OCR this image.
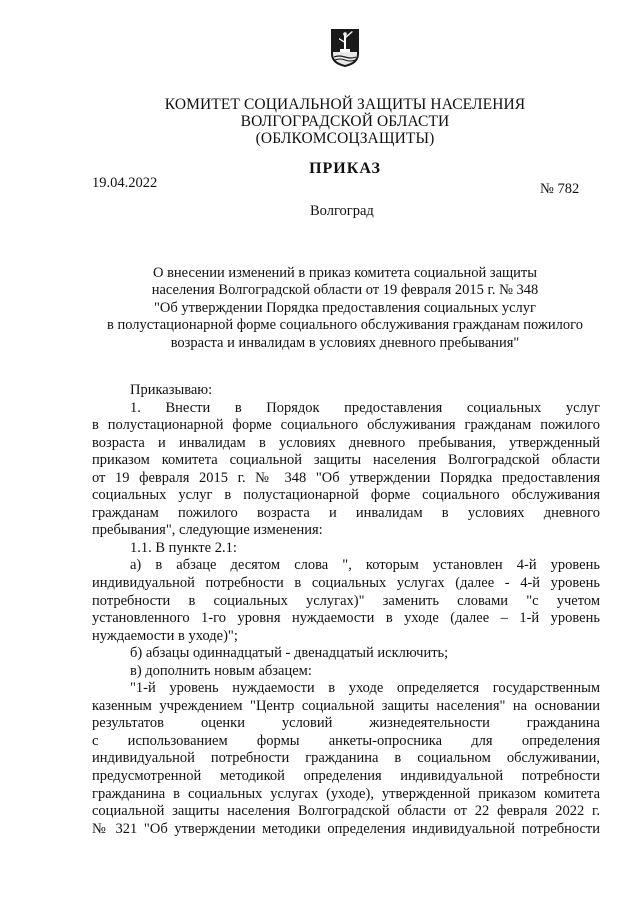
КОМИТЕТ СОЦИАЛЬНОЙ ЗАЩИТЫ НАСЕЛЕНИЯ
ВОЛГОГРАДСКОЙ ОБЛАСТИ
(ОБЛКОМСОЦЗАЩИТЫ)
ПРИКАЗ
19.04.2022	№ 782
Волгоград
О внесении изменений в приказ комитета социальной защиты
населения Волгоградской области от 19 февраля 2015 г. № 348
"Об утверждении Порядка предоставления социальных услуг
в полустационарной форме социального обслуживания гражданам пожилого
возраста и инвалидам в условиях дневного пребывания"
Приказываю:
1. Внести в Порядок предоставления социальных услуг
в полустационарной форме социального обслуживания гражданам пожилого
возраста и инвалидам в условиях дневного пребывания, утвержденный
приказом комитета социальной защиты населения Волгоградской области
от 19 февраля 2015 г. № 348 "Об утверждении Порядка предоставления
социальных услуг в полустационарной форме социального обслуживания
гражданам пожилого возраста и инвалидам в условиях дневного
пребывания", следующие изменения:
1.1. В пункте 2.1:
а) в абзаце десятом слова ", которым установлен 4-й уровень
индивидуальной потребности в социальных услугах (далее - 4-й уровень
потребности в социальных услугах)" заменить словами "с учетом
установленного 1-го уровня нуждаемости в уходе (далее – 1-й уровень
нуждаемости в уходе)";
б) абзацы одиннадцатый - двенадцатый исключить;
в) дополнить новым абзацем:
"1-й уровень нуждаемости в уходе определяется государственным
казенным учреждением "Центр социальной защиты населения" на основании
результатов оценки условий жизнедеятельности гражданина
с использованием формы анкеты-опросника для определения
индивидуальной потребности гражданина в социальном обслуживании,
предусмотренной методикой определения индивидуальной потребности
гражданина в социальных услугах (уходе), утвержденной приказом комитета
социальной защиты населения Волгоградской области от 22 февраля 2022 г.
№ 321 "Об утверждении методики определения индивидуальной потребности
